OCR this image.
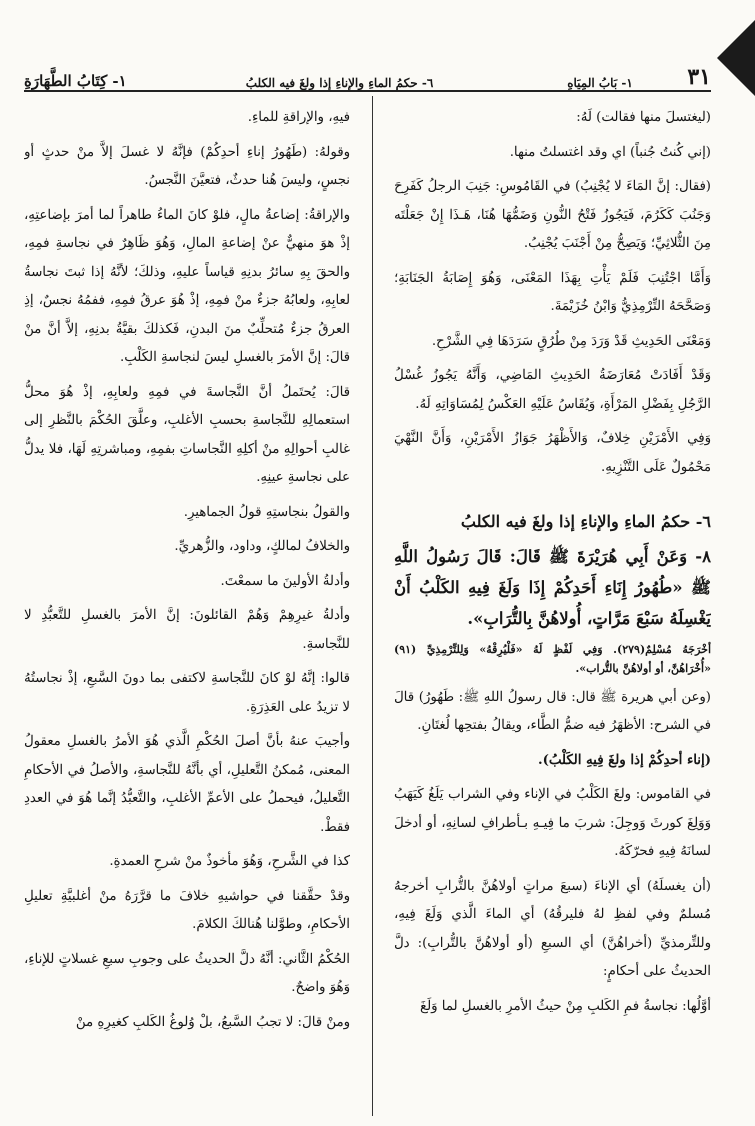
٣١
١- بَابُ المِيَاهِ
٦- حكمُ الماءِ والإناءِ إذا ولغَ فيه الكلبُ
١- كِتَابُ الطَّهَارَةِ

(ليغتسلَ منها فقالت) لَهُ:

(إني كُنتُ جُنباً) اي وقد اغتسلتُ منها.

(فقال: إنَّ المَاءَ لا يُجْنِبُ) في القَامُوسِ: جَنِبَ الرجلُ كَفَرِحَ وَجَنُبَ كَكَرُمَ، فَيَجُوزُ فَتْحُ النُّونِ وَضَمُّهَا هُنَا، هَـذَا إِنْ جَعَلْتَه مِنَ الثُّلاثِيِّ؛ وَيَصِحُّ مِنْ أَجْنَبَ يُجْنِبُ.

وَأَمَّا اجْتُنِبَ فَلَمْ يَأْتِ بِهَذَا المَعْنَى، وَهُوَ إِصَابَةُ الجَنَابَةِ؛ وَصَحَّحَهُ التِّرْمِذِيُّ وَابْنُ خُزَيْمَةَ.

وَمَعْنَى الحَدِيثِ قَدْ وَرَدَ مِنْ طُرُقٍ سَرَدَهَا فِي الشَّرْحِ.

وَقَدْ أَفَادَتْ مُعَارَضَةُ الحَدِيثِ المَاضِي، وَأَنَّهُ يَجُوزُ غُسْلُ الرَّجُلِ بِفَضْلِ المَرْأَةِ، وَيُقَاسُ عَلَيْهِ العَكْسُ لِمُسَاوَاتِهِ لَهُ.

وَفِي الأَمْرَيْنِ خِلافٌ، وَالأَظْهَرُ جَوَازُ الأَمْرَيْنِ، وَأَنَّ النَّهْيَ مَحْمُولٌ عَلَى التَّنْزِيهِ.

٦- حكمُ الماءِ والإناءِ إذا ولغَ فيه الكلبُ

٨- وَعَنْ أَبِي هُرَيْرَةَ ﷺ قَالَ: قَالَ رَسُولُ اللَّهِ ﷺ «طُهُورُ إِنَاءِ أَحَدِكُمْ إِذَا وَلَغَ فِيهِ الكَلْبُ أَنْ يَغْسِلَهُ سَبْعَ مَرَّاتٍ، أُولاهُنَّ بِالتُّرَابِ».

أخْرَجَهُ مُسْلِمٌ(٢٧٩). وَفِي لَفْظٍ لَهُ «فَلْيُرِقْهُ» وَلِلتِّرْمِذِيِّ (٩١) «أُخْرَاهُنَّ، أو أولاهُنَّ بالتُّراب».

(وعن أبي هريرة ﷺ قال: قال رسولُ اللهِ ﷺ: طَهُورُ) قالَ في الشرح: الأظهَرُ فيه ضمُّ الطَّاء، ويقالُ بفتحِها لُغتَانِ.

(إناء أحدِكُمْ إذا ولغَ فِيهِ الكَلْبُ).

في القاموس: ولغَ الكَلْبُ في الإناء وفي الشراب يَلَغُ كَيَهَبُ وَوَلِغَ كورثَ وَوجِلَ: شربَ ما فِيـهِ بـأطرافِ لسانِهِ، أو أدخلَ لسانَهُ فِيهِ فحرّكَهُ.

(أن يغسلَهُ) أي الإناءَ (سبعَ مراتٍ أولاهُنَّ بالتُّرابِ أخرجهُ مُسلمٌ وفي لفظِ لهُ فليرقُهُ) أي الماءَ الَّذي وَلَغَ فِيهِ، وللتِّرمذيِّ (أخراهُنَّ) أي السبعِ (أو أولاهُنَّ بالتُّرابِ): دلَّ الحديثُ على أحكامٍ:

أوَّلُها: نجاسةُ فمِ الكَلبِ مِنْ حيثُ الأمرِ بالغسلِ لما وَلَغَ

فيهِ، والإراقةِ للماءِ.

وقولهُ: (طَهُورُ إناءِ أحدِكُمْ) فإنَّهُ لا غسلَ إلاَّ منْ حدثٍ أو نجسٍ، وليسَ هُنا حدثٌ، فتعيَّنَ النَّجسُ.

والإراقةُ: إضاعةُ مالٍ، فلوْ كانَ الماءُ طاهراً لما أمرَ بإضاعتِهِ، إذْ هوَ منهيٌّ عنْ إضاعةِ المالِ، وَهُوَ ظَاهِرٌ في نجاسةِ فمِهِ، والحقَ بِهِ سائرُ بدنِهِ قياساً عليهِ، وذلكَ؛ لأنَّهُ إذا ثبتَ نجاسةُ لعابِهِ، ولعابُهُ جزءٌ منْ فمِهِ، إذْ هُوَ عرقُ فمِهِ، ففمُهُ نجسٌ، إذِ العرقُ جزءٌ مُتحلِّبٌ منَ البدنِ، فَكذلكَ بقيَّةُ بدنِهِ، إلاَّ أنَّ منْ قالَ: إنَّ الأمرَ بالغسلِ ليسَ لنجاسةِ الكَلْبِ.

قالَ: يُحتَملُ أنَّ النَّجاسةَ في فمِهِ ولعابِهِ، إذْ هُوَ محلُّ استعمالِهِ للنَّجاسةِ بحسبِ الأغلبِ، وعلَّقَ الحُكْمَ بالنَّظرِ إلى غالبِ أحوالِهِ منْ أكلِهِ النَّجاساتِ بفمِهِ، ومباشرتِهِ لَهَا، فلا يدلُّ على نجاسةِ عينِهِ.

والقولُ بنجاستِهِ قولُ الجماهيرِ.

والخلافُ لمالكٍ، وداود، والزُّهريِّ.

وأدلةُ الأولينَ ما سمعْتَ.

وأدلةُ غيرِهِمْ وَهُمْ القائلونَ: إنَّ الأمرَ بالغسلِ للتَّعبُّدِ لا للنَّجاسةِ.

قالوا: إنَّهُ لوْ كانَ للنَّجاسةِ لاكتفى بما دونَ السَّبعِ، إذْ نجاستُهُ لا تزيدُ على العَذِرَةِ.

وأجيبَ عنهُ بأنَّ أصلَ الحُكْمِ الَّذي هُوَ الأمرُ بالغسلِ معقولُ المعنى، مُمكنُ التَّعليلِ، أي بأنَّهُ للنَّجاسةِ، والأصلُ في الأحكامِ التَّعليلُ، فيحملُ على الأعمِّ الأغلبِ، والتَّعبُّدُ إنَّما هُوَ في العددِ فقطْ.

كذا في الشَّرحِ، وَهُوَ مأخوذٌ منْ شرحِ العمدةِ.

وقدْ حقَّقنا في حواشيهِ خلافَ ما قرَّرَهُ منْ أغلبيَّةِ تعليلِ الأحكامِ، وطوَّلنا هُنالكَ الكلامَ.

الحُكْمُ الثَّاني: أنَّهُ دلَّ الحديثُ على وجوبِ سبعِ غسلاتٍ للإناءِ، وَهُوَ واضحٌ.

ومنْ قالَ: لا تجبُ السَّبعُ، بلْ وُلوغُ الكَلبِ كغيرِهِ منْ
